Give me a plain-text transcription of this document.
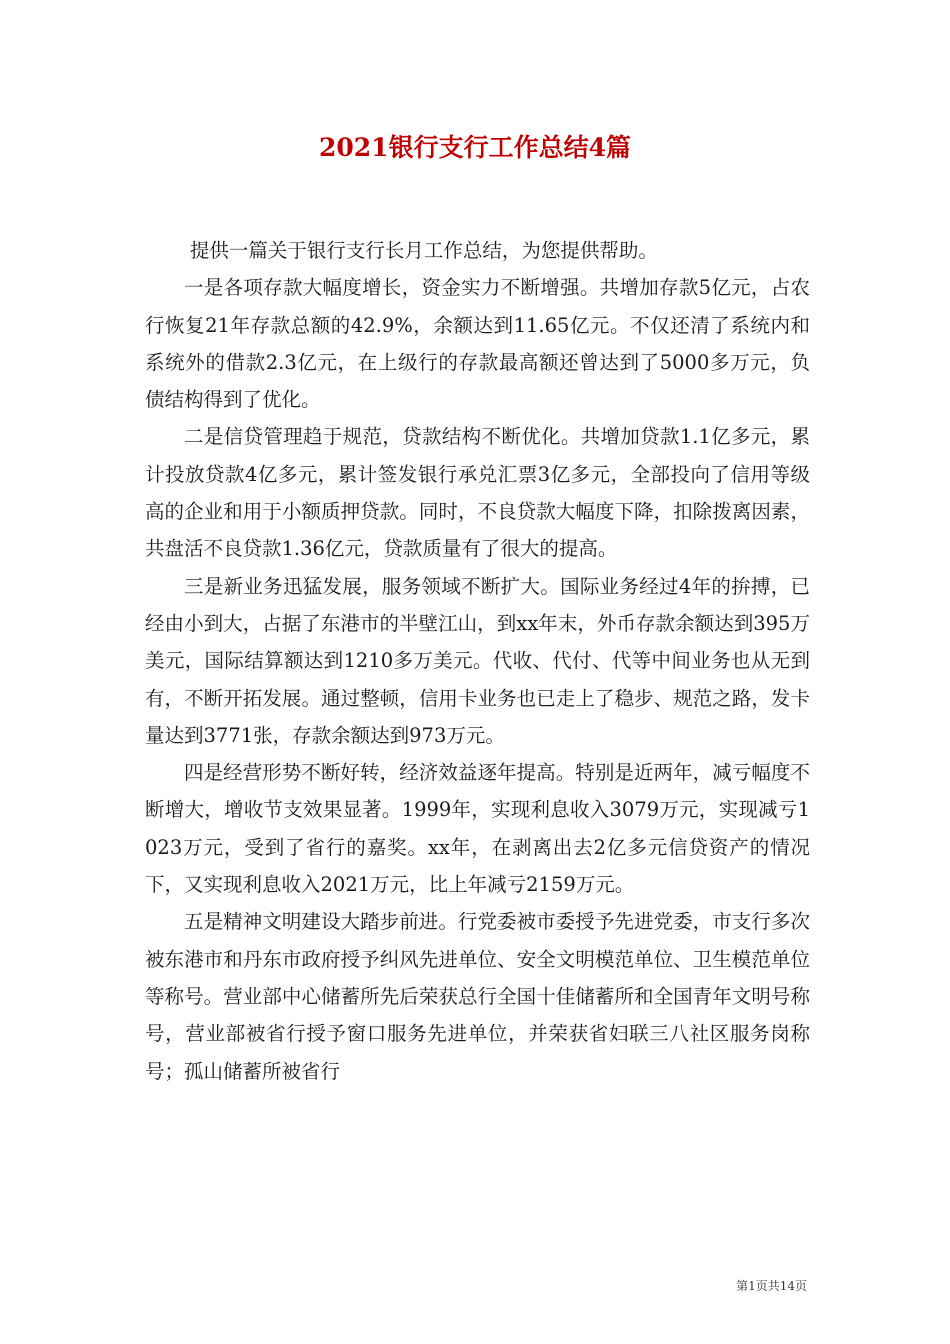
2021银行支行工作总结4篇

提供一篇关于银行支行长月工作总结，为您提供帮助。

一是各项存款大幅度增长，资金实力不断增强。共增加存款5亿元，占农行恢复21年存款总额的42.9%，余额达到11.65亿元。不仅还清了系统内和系统外的借款2.3亿元，在上级行的存款最高额还曾达到了5000多万元，负债结构得到了优化。

二是信贷管理趋于规范，贷款结构不断优化。共增加贷款1.1亿多元，累计投放贷款4亿多元，累计签发银行承兑汇票3亿多元，全部投向了信用等级高的企业和用于小额质押贷款。同时，不良贷款大幅度下降，扣除拨离因素，共盘活不良贷款1.36亿元，贷款质量有了很大的提高。

三是新业务迅猛发展，服务领域不断扩大。国际业务经过4年的拚搏，已经由小到大，占据了东港市的半壁江山，到xx年末，外币存款余额达到395万美元，国际结算额达到1210多万美元。代收、代付、代等中间业务也从无到有，不断开拓发展。通过整顿，信用卡业务也已走上了稳步、规范之路，发卡量达到3771张，存款余额达到973万元。

四是经营形势不断好转，经济效益逐年提高。特别是近两年，减亏幅度不断增大，增收节支效果显著。1999年，实现利息收入3079万元，实现减亏1023万元，受到了省行的嘉奖。xx年，在剥离出去2亿多元信贷资产的情况下，又实现利息收入2021万元，比上年减亏2159万元。

五是精神文明建设大踏步前进。行党委被市委授予先进党委，市支行多次被东港市和丹东市政府授予纠风先进单位、安全文明模范单位、卫生模范单位等称号。营业部中心储蓄所先后荣获总行全国十佳储蓄所和全国青年文明号称号，营业部被省行授予窗口服务先进单位，并荣获省妇联三八社区服务岗称号；孤山储蓄所被省行

第1页共14页
